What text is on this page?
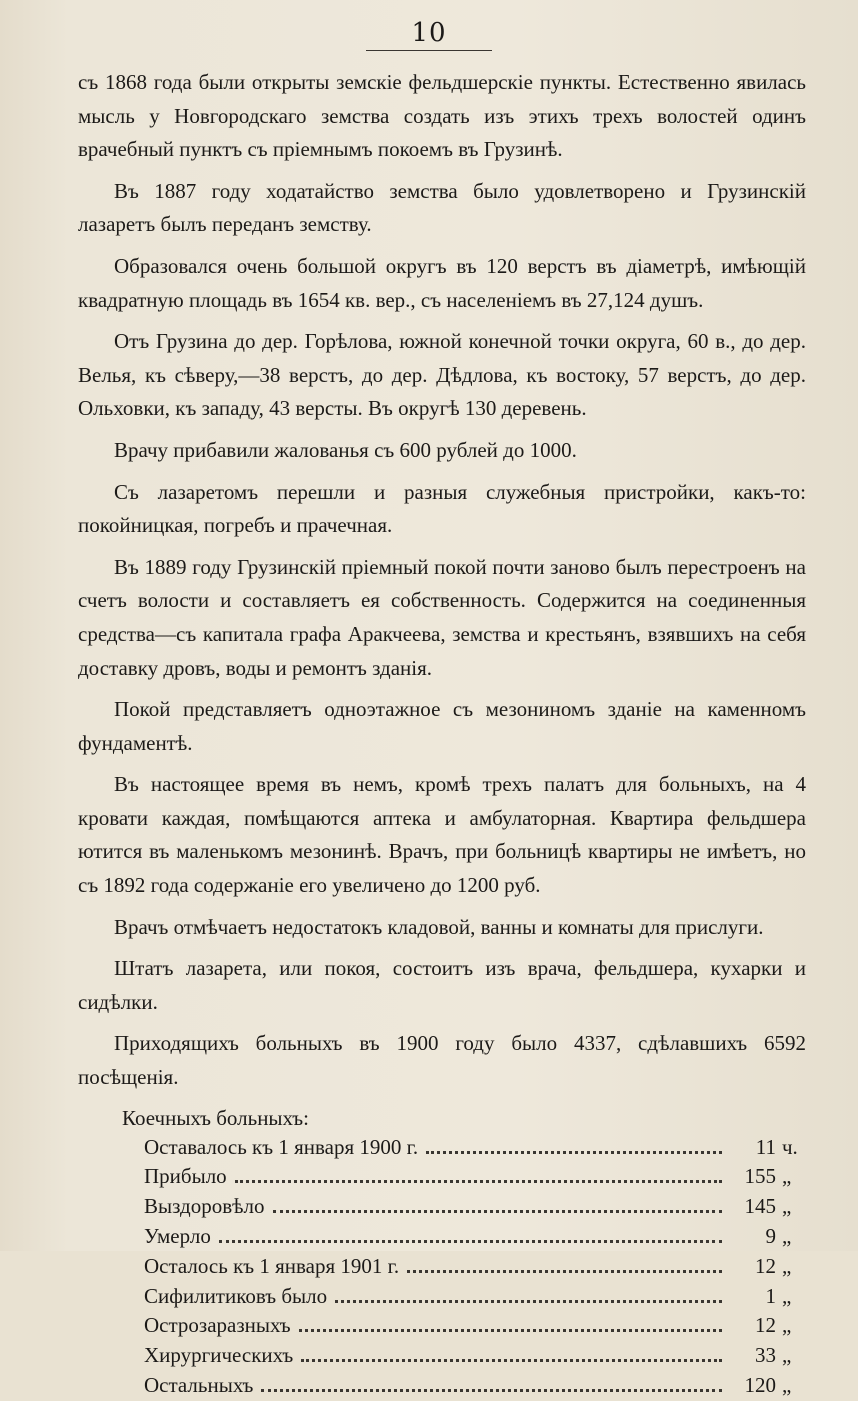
10

съ 1868 года были открыты земскiе фельдшерскiе пункты. Естественно явилась мысль у Новгородскаго земства создать изъ этихъ трехъ волостей одинъ врачебный пунктъ съ прiемнымъ покоемъ въ Грузинѣ.

Въ 1887 году ходатайство земства было удовлетворено и Грузинскiй лазаретъ былъ переданъ земству.

Образовался очень большой округъ въ 120 верстъ въ дiаметрѣ, имѣющiй квадратную площадь въ 1654 кв. вер., съ населенiемъ въ 27,124 душъ.

Отъ Грузина до дер. Горѣлова, южной конечной точки округа, 60 в., до дер. Велья, къ сѣверу,—38 верстъ, до дер. Дѣдлова, къ востоку, 57 верстъ, до дер. Ольховки, къ западу, 43 версты. Въ округѣ 130 деревень.

Врачу прибавили жалованья съ 600 рублей до 1000.

Съ лазаретомъ перешли и разныя служебныя пристройки, какъ-то: покойницкая, погребъ и прачечная.

Въ 1889 году Грузинскiй прiемный покой почти заново былъ перестроенъ на счетъ волости и составляетъ ея собственность. Содержится на соединенныя средства—съ капитала графа Аракчеева, земства и крестьянъ, взявшихъ на себя доставку дровъ, воды и ремонтъ зданiя.

Покой представляетъ одноэтажное съ мезониномъ зданiе на каменномъ фундаментѣ.

Въ настоящее время въ немъ, кромѣ трехъ палатъ для больныхъ, на 4 кровати каждая, помѣщаются аптека и амбулаторная. Квартира фельдшера ютится въ маленькомъ мезонинѣ. Врачъ, при больницѣ квартиры не имѣетъ, но съ 1892 года содержанiе его увеличено до 1200 руб.

Врачъ отмѣчаетъ недостатокъ кладовой, ванны и комнаты для прислуги.

Штатъ лазарета, или покоя, состоитъ изъ врача, фельдшера, кухарки и сидѣлки.

Приходящихъ больныхъ въ 1900 году было 4337, сдѣлавшихъ 6592 посѣщенiя.

Коечныхъ больныхъ:
Оставалось къ 1 января 1900 г.	11 ч.
Прибыло	155 „
Выздоровѣло	145 „
Умерло	9 „
Осталось къ 1 января 1901 г.	12 „
Сифилитиковъ было	1 „
Острозаразныхъ	12 „
Хирургическихъ	33 „
Остальныхъ	120 „
